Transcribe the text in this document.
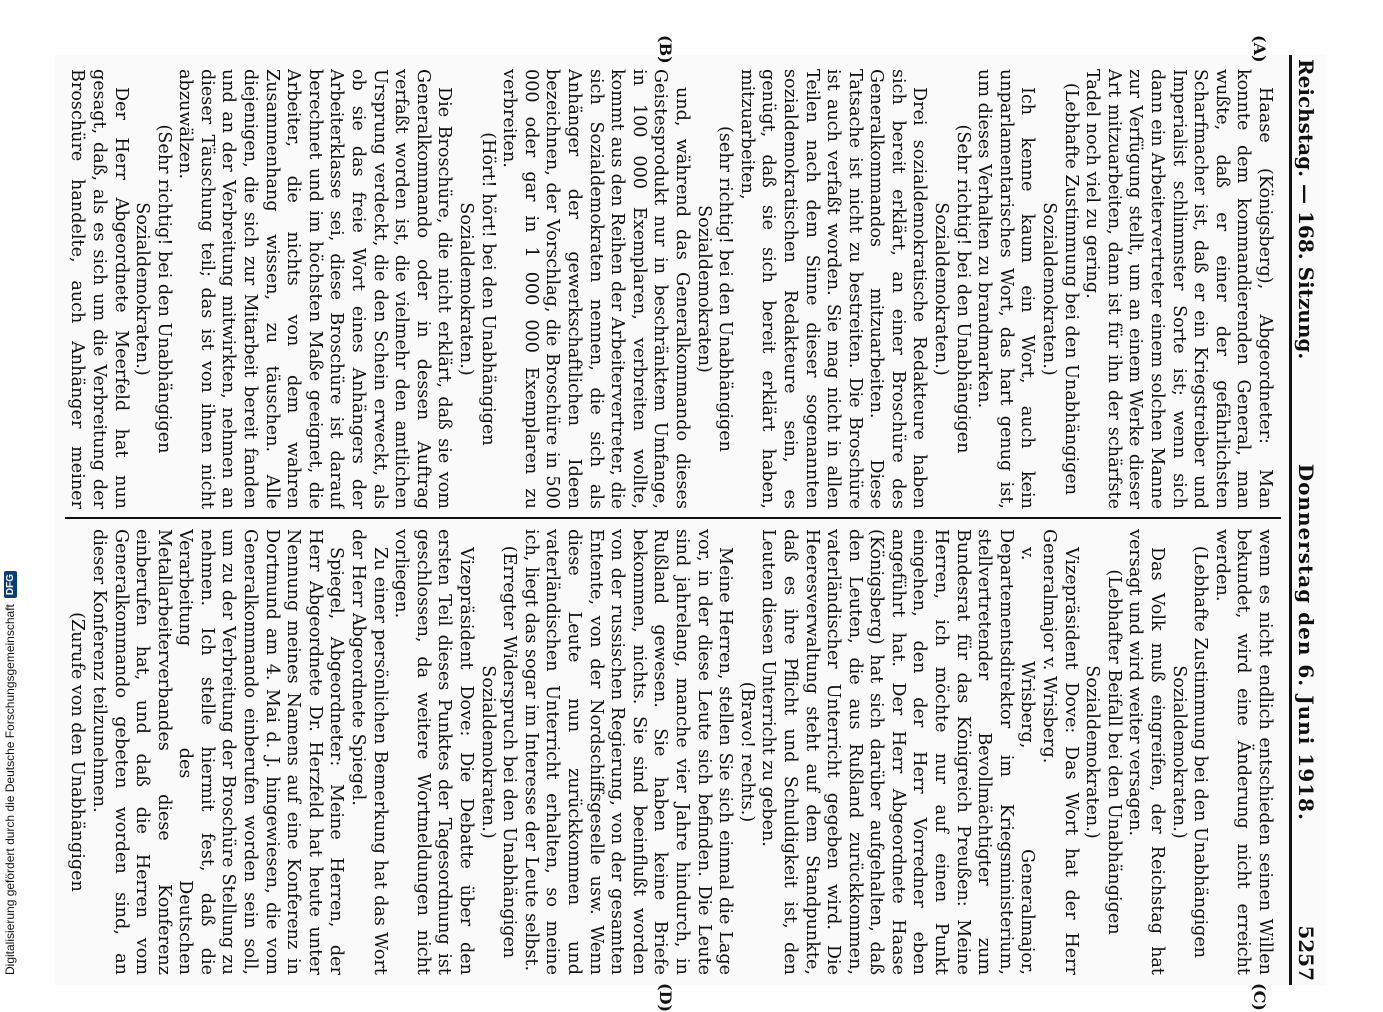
Reichstag. — 168. Sitzung.
Donnerstag den 6. Juni 1918.
5257
(A)
(B)
(C)
(D)

Haase (Königsberg), Abgeordneter: Man konnte dem kommandierenden General, man wußte, daß er einer der gefährlichsten Scharfmacher ist, daß er ein Kriegstreiber und Imperialist schlimmster Sorte ist; wenn sich dann ein Arbeitervertreter einem solchen Manne zur Verfügung stellt, um an einem Werke dieser Art mitzuarbeiten, dann ist für ihn der schärfste Tadel noch viel zu gering.

(Lebhafte Zustimmung bei den Unabhängigen Sozialdemokraten.)

Ich kenne kaum ein Wort, auch kein unparlamentarisches Wort, das hart genug ist, um dieses Verhalten zu brandmarken.

(Sehr richtig! bei den Unabhängigen Sozialdemokraten.)

Drei sozialdemokratische Redakteure haben sich bereit erklärt, an einer Broschüre des Generalkommandos mitzuarbeiten. Diese Tatsache ist nicht zu bestreiten. Die Broschüre ist auch verfaßt worden. Sie mag nicht in allen Teilen nach dem Sinne dieser sogenannten sozialdemokratischen Redakteure sein, es genügt, daß sie sich bereit erklärt haben, mitzuarbeiten,

(sehr richtig! bei den Unabhängigen Sozialdemokraten)

und, während das Generalkommando dieses Geistesprodukt nur in beschränktem Umfange, in 100 000 Exemplaren, verbreiten wollte, kommt aus den Reihen der Arbeitervertreter, die sich Sozialdemokraten nennen, die sich als Anhänger der gewerkschaftlichen Ideen bezeichnen, der Vorschlag, die Broschüre in 500 000 oder gar in 1 000 000 Exemplaren zu verbreiten.

(Hört! hört! bei den Unabhängigen Sozialdemokraten.)

Die Broschüre, die nicht erklärt, daß sie vom Generalkommando oder in dessen Auftrag verfaßt worden ist, die vielmehr den amtlichen Ursprung verdeckt, die den Schein erweckt, als ob sie das freie Wort eines Anhängers der Arbeiterklasse sei, diese Broschüre ist darauf berechnet und im höchsten Maße geeignet, die Arbeiter, die nichts von dem wahren Zusammenhang wissen, zu täuschen. Alle diejenigen, die sich zur Mitarbeit bereit fanden und an der Verbreitung mitwirkten, nehmen an dieser Täuschung teil; das ist von ihnen nicht abzuwälzen.

(Sehr richtig! bei den Unabhängigen Sozialdemokraten.)

Der Herr Abgeordnete Meerfeld hat nun gesagt, daß, als es sich um die Verbreitung der Broschüre handelte, auch Anhänger meiner

wenn es nicht endlich entschieden seinen Willen bekundet, wird eine Änderung nicht erreicht werden.

(Lebhafte Zustimmung bei den Unabhängigen Sozialdemokraten.)

Das Volk muß eingreifen, der Reichstag hat versagt und wird weiter versagen.

(Lebhafter Beifall bei den Unabhängigen Sozialdemokraten.)

Vizepräsident Dove: Das Wort hat der Herr Generalmajor v. Wrisberg.

v. Wrisberg, Generalmajor, Departementsdirektor im Kriegsministerium, stellvertretender Bevollmächtigter zum Bundesrat für das Königreich Preußen: Meine Herren, ich möchte nur auf einen Punkt eingehen, den der Herr Vorredner eben angeführt hat. Der Herr Abgeordnete Haase (Königsberg) hat sich darüber aufgehalten, daß den Leuten, die aus Rußland zurückkommen, vaterländischer Unterricht gegeben wird. Die Heeresverwaltung steht auf dem Standpunkte, daß es ihre Pflicht und Schuldigkeit ist, den Leuten diesen Unterricht zu geben.

(Bravo! rechts.)

Meine Herren, stellen Sie sich einmal die Lage vor, in der diese Leute sich befinden. Die Leute sind jahrelang, manche vier Jahre hindurch, in Rußland gewesen. Sie haben keine Briefe bekommen, nichts. Sie sind beeinflußt worden von der russischen Regierung, von der gesamten Entente, von der Nordschiffsgeselle usw. Wenn diese Leute nun zurückkommen und vaterländischen Unterricht erhalten, so meine ich, liegt das sogar im Interesse der Leute selbst.

(Erregter Widerspruch bei den Unabhängigen Sozialdemokraten.)

Vizepräsident Dove: Die Debatte über den ersten Teil dieses Punktes der Tagesordnung ist geschlossen, da weitere Wortmeldungen nicht vorliegen.

Zu einer persönlichen Bemerkung hat das Wort der Herr Abgeordnete Spiegel.

Spiegel, Abgeordneter: Meine Herren, der Herr Abgeordnete Dr. Herzfeld hat heute unter Nennung meines Namens auf eine Konferenz in Dortmund am 4. Mai d. J. hingewiesen, die vom Generalkommando einberufen worden sein soll, um zu der Verbreitung der Broschüre Stellung zu nehmen. Ich stelle hiermit fest, daß die Verarbeitung des Deutschen Metallarbeiterverbandes diese Konferenz einberufen hat, und daß die Herren vom Generalkommando gebeten worden sind, an dieser Konferenz teilzunehmen.

(Zurufe von den Unabhängigen

Digitalisierung gefördert durch die Deutsche Forschungsgemeinschaft
DFG
